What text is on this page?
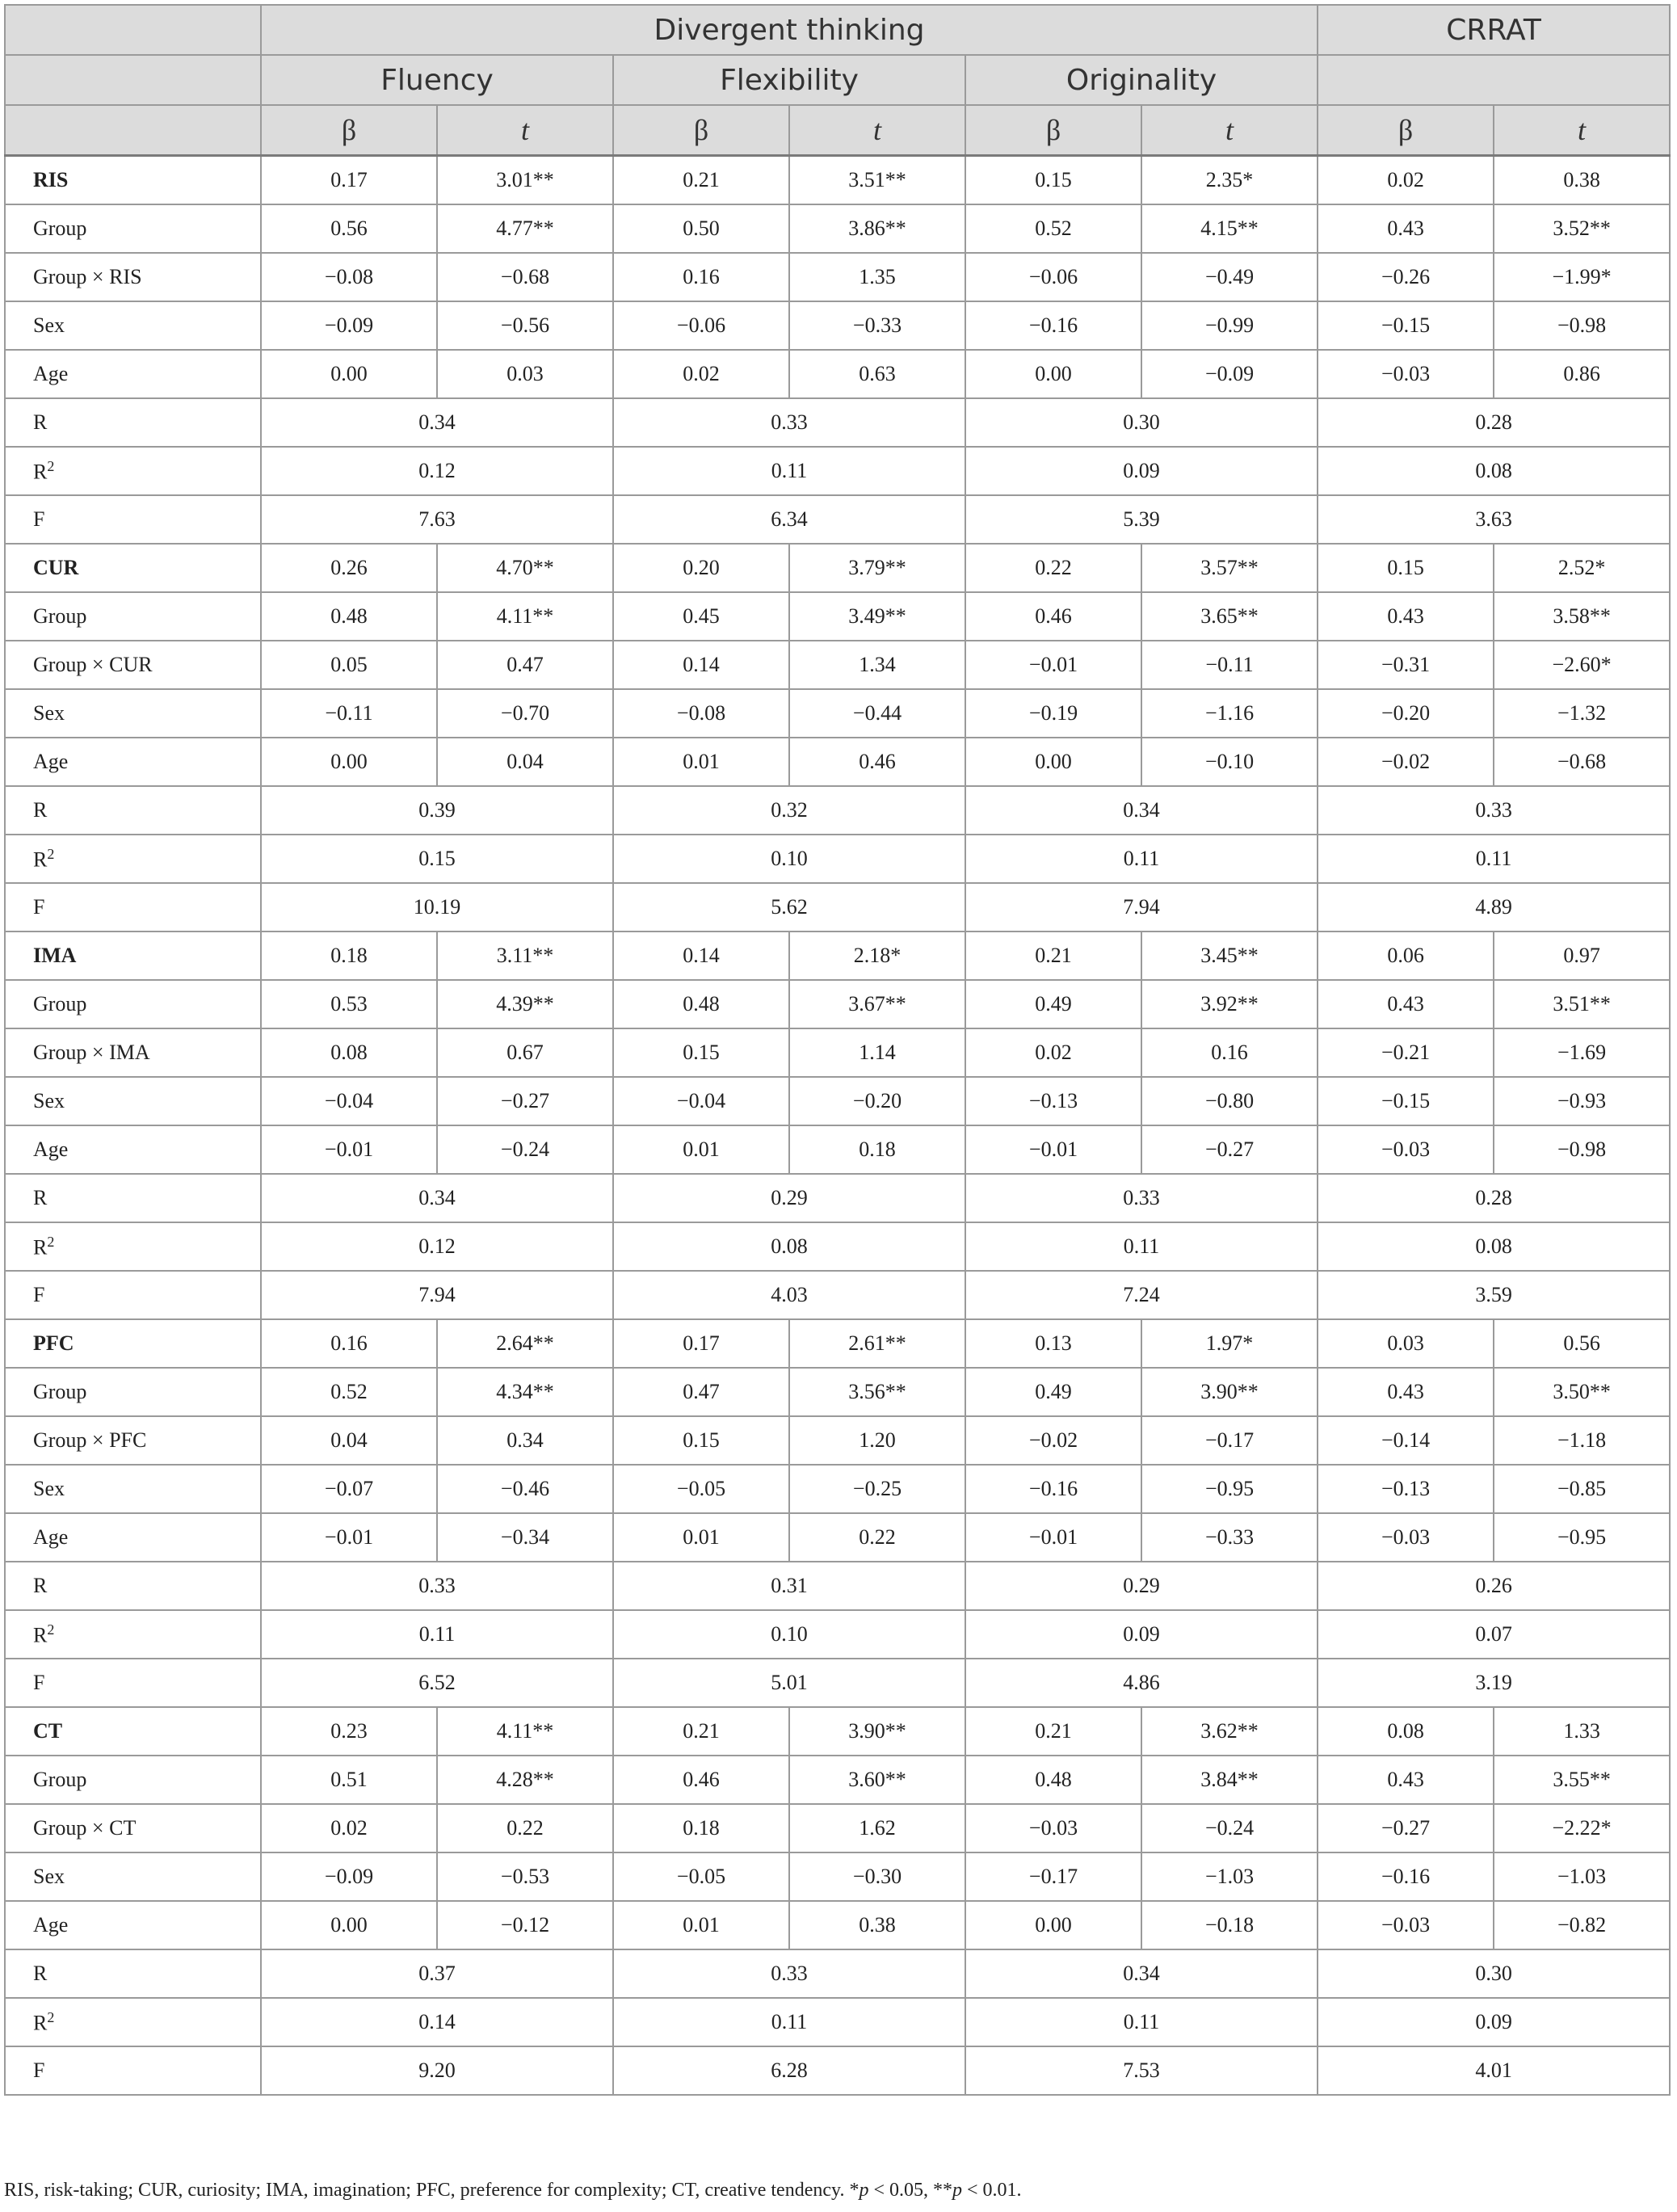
	Divergent thinking						CRRAT	
	Fluency		Flexibility		Originality			
	β	t	β	t	β	t	β	t
RIS	0.17	3.01**	0.21	3.51**	0.15	2.35*	0.02	0.38
Group	0.56	4.77**	0.50	3.86**	0.52	4.15**	0.43	3.52**
Group × RIS	−0.08	−0.68	0.16	1.35	−0.06	−0.49	−0.26	−1.99*
Sex	−0.09	−0.56	−0.06	−0.33	−0.16	−0.99	−0.15	−0.98
Age	0.00	0.03	0.02	0.63	0.00	−0.09	−0.03	0.86
R	0.34		0.33		0.30		0.28	
$R^2$	0.12		0.11		0.09		0.08	
F	7.63		6.34		5.39		3.63	
CUR	0.26	4.70**	0.20	3.79**	0.22	3.57**	0.15	2.52*
Group	0.48	4.11**	0.45	3.49**	0.46	3.65**	0.43	3.58**
Group × CUR	0.05	0.47	0.14	1.34	−0.01	−0.11	−0.31	−2.60*
Sex	−0.11	−0.70	−0.08	−0.44	−0.19	−1.16	−0.20	−1.32
Age	0.00	0.04	0.01	0.46	0.00	−0.10	−0.02	−0.68
R	0.39		0.32		0.34		0.33	
$R^2$	0.15		0.10		0.11		0.11	
F	10.19		5.62		7.94		4.89	
IMA	0.18	3.11**	0.14	2.18*	0.21	3.45**	0.06	0.97
Group	0.53	4.39**	0.48	3.67**	0.49	3.92**	0.43	3.51**
Group × IMA	0.08	0.67	0.15	1.14	0.02	0.16	−0.21	−1.69
Sex	−0.04	−0.27	−0.04	−0.20	−0.13	−0.80	−0.15	−0.93
Age	−0.01	−0.24	0.01	0.18	−0.01	−0.27	−0.03	−0.98
R	0.34		0.29		0.33		0.28	
$R^2$	0.12		0.08		0.11		0.08	
F	7.94		4.03		7.24		3.59	
PFC	0.16	2.64**	0.17	2.61**	0.13	1.97*	0.03	0.56
Group	0.52	4.34**	0.47	3.56**	0.49	3.90**	0.43	3.50**
Group × PFC	0.04	0.34	0.15	1.20	−0.02	−0.17	−0.14	−1.18
Sex	−0.07	−0.46	−0.05	−0.25	−0.16	−0.95	−0.13	−0.85
Age	−0.01	−0.34	0.01	0.22	−0.01	−0.33	−0.03	−0.95
R	0.33		0.31		0.29		0.26	
$R^2$	0.11		0.10		0.09		0.07	
F	6.52		5.01		4.86		3.19	
CT	0.23	4.11**	0.21	3.90**	0.21	3.62**	0.08	1.33
Group	0.51	4.28**	0.46	3.60**	0.48	3.84**	0.43	3.55**
Group × CT	0.02	0.22	0.18	1.62	−0.03	−0.24	−0.27	−2.22*
Sex	−0.09	−0.53	−0.05	−0.30	−0.17	−1.03	−0.16	−1.03
Age	0.00	−0.12	0.01	0.38	0.00	−0.18	−0.03	−0.82
R	0.37		0.33		0.34		0.30	
$R^2$	0.14		0.11		0.11		0.09	
F	9.20		6.28		7.53		4.01	
RIS, risk-taking; CUR, curiosity; IMA, imagination; PFC, preference for complexity; CT, creative tendency. *p < 0.05, **p < 0.01.
